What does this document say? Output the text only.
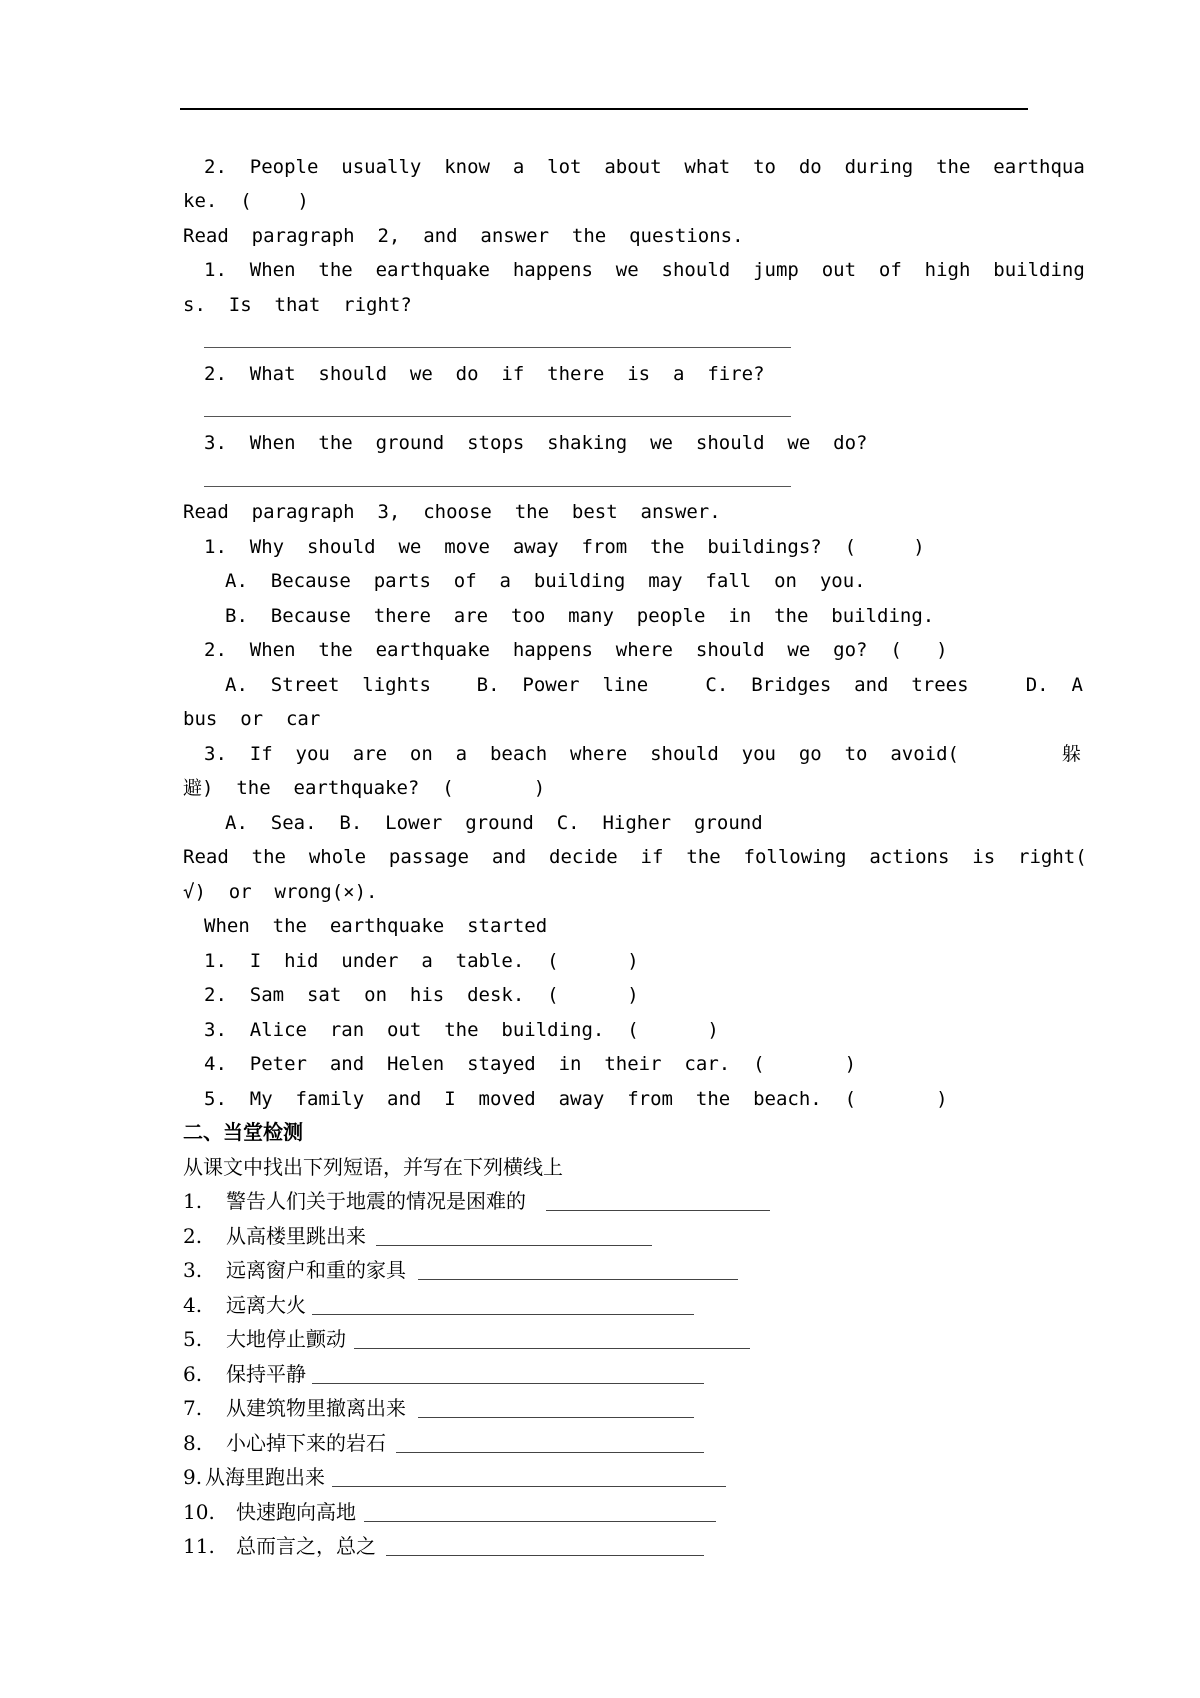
2.  People  usually  know  a  lot  about  what  to  do  during  the  earthqua
ke.  (    )
Read  paragraph  2,  and  answer  the  questions.
1.  When  the  earthquake  happens  we  should  jump  out  of  high  building
s.  Is  that  right?
2.  What  should  we  do  if  there  is  a  fire?
3.  When  the  ground  stops  shaking  we  should  we  do?
Read  paragraph  3,  choose  the  best  answer.
1.  Why  should  we  move  away  from  the  buildings?  (     )
A.  Because  parts  of  a  building  may  fall  on  you.
B.  Because  there  are  too  many  people  in  the  building.
2.  When  the  earthquake  happens  where  should  we  go?  (   )
A.  Street  lights    B.  Power  line     C.  Bridges  and  trees     D.  A
bus  or  car
3.  If  you  are  on  a  beach  where  should  you  go  to  avoid(         躲
避)  the  earthquake?  (       )
A.  Sea.  B.  Lower  ground  C.  Higher  ground
Read  the  whole  passage  and  decide  if  the  following  actions  is  right(
√)  or  wrong(×).
When  the  earthquake  started
1.  I  hid  under  a  table.  (      )
2.  Sam  sat  on  his  desk.  (      )
3.  Alice  ran  out  the  building.  (      )
4.  Peter  and  Helen  stayed  in  their  car.  (       )
5.  My  family  and  I  moved  away  from  the  beach.  (       )
二、当堂检测
从课文中找出下列短语，并写在下列横线上
1. 警告人们关于地震的情况是困难的
2. 从高楼里跳出来
3. 远离窗户和重的家具
4. 远离大火
5. 大地停止颤动
6. 保持平静
7. 从建筑物里撤离出来
8. 小心掉下来的岩石
9. 从海里跑出来
10. 快速跑向高地
11. 总而言之，总之
